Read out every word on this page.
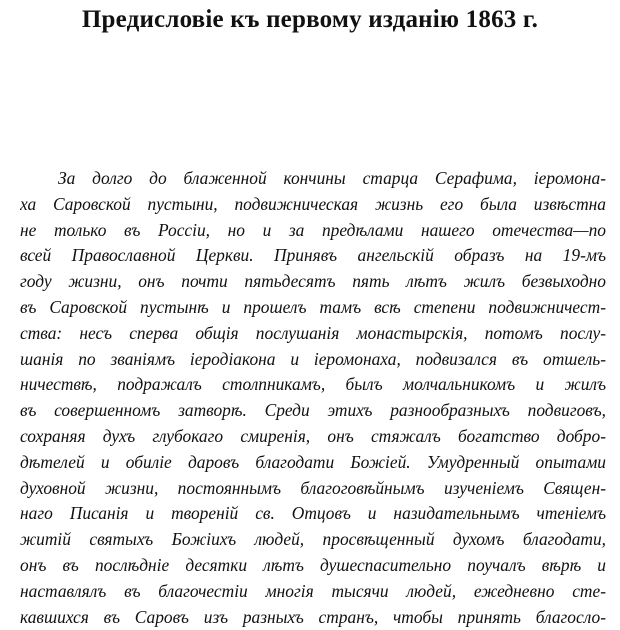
Предисловіе къ первому изданію 1863 г.
За долго до блаженной кончины старца Серафима, іеромона-
ха Саровской пустыни, подвижническая жизнь его была извѣстна
не только въ Россіи, но и за предѣлами нашего отечества—по
всей Православной Церкви. Принявъ ангельскій образъ на 19-мъ
году жизни, онъ почти пятьдесятъ пять лѣтъ жилъ безвыходно
въ Саровской пустынѣ и прошелъ тамъ всѣ степени подвижничест-
ства: несъ сперва общія послушанія монастырскія, потомъ послу-
шанія по званіямъ іеродіакона и іеромонаха, подвизался въ отшель-
ничествѣ, подражалъ столпникамъ, былъ молчальникомъ и жилъ
въ совершенномъ затворѣ. Среди этихъ разнообразныхъ подвиговъ,
сохраняя духъ глубокаго смиренія, онъ стяжалъ богатство добро-
дѣтелей и обиліе даровъ благодати Божіей. Умудренный опытами
духовной жизни, постояннымъ благоговѣйнымъ изученіемъ Священ-
наго Писанія и твореній св. Отцовъ и назидательнымъ чтеніемъ
житій святыхъ Божіихъ людей, просвѣщенный духомъ благодати,
онъ въ послѣдніе десятки лѣтъ душеспасительно поучалъ вѣрѣ и
наставлялъ въ благочестіи многія тысячи людей, ежедневно сте-
кавшихся въ Саровъ изъ разныхъ странъ, чтобы принять благосло-
